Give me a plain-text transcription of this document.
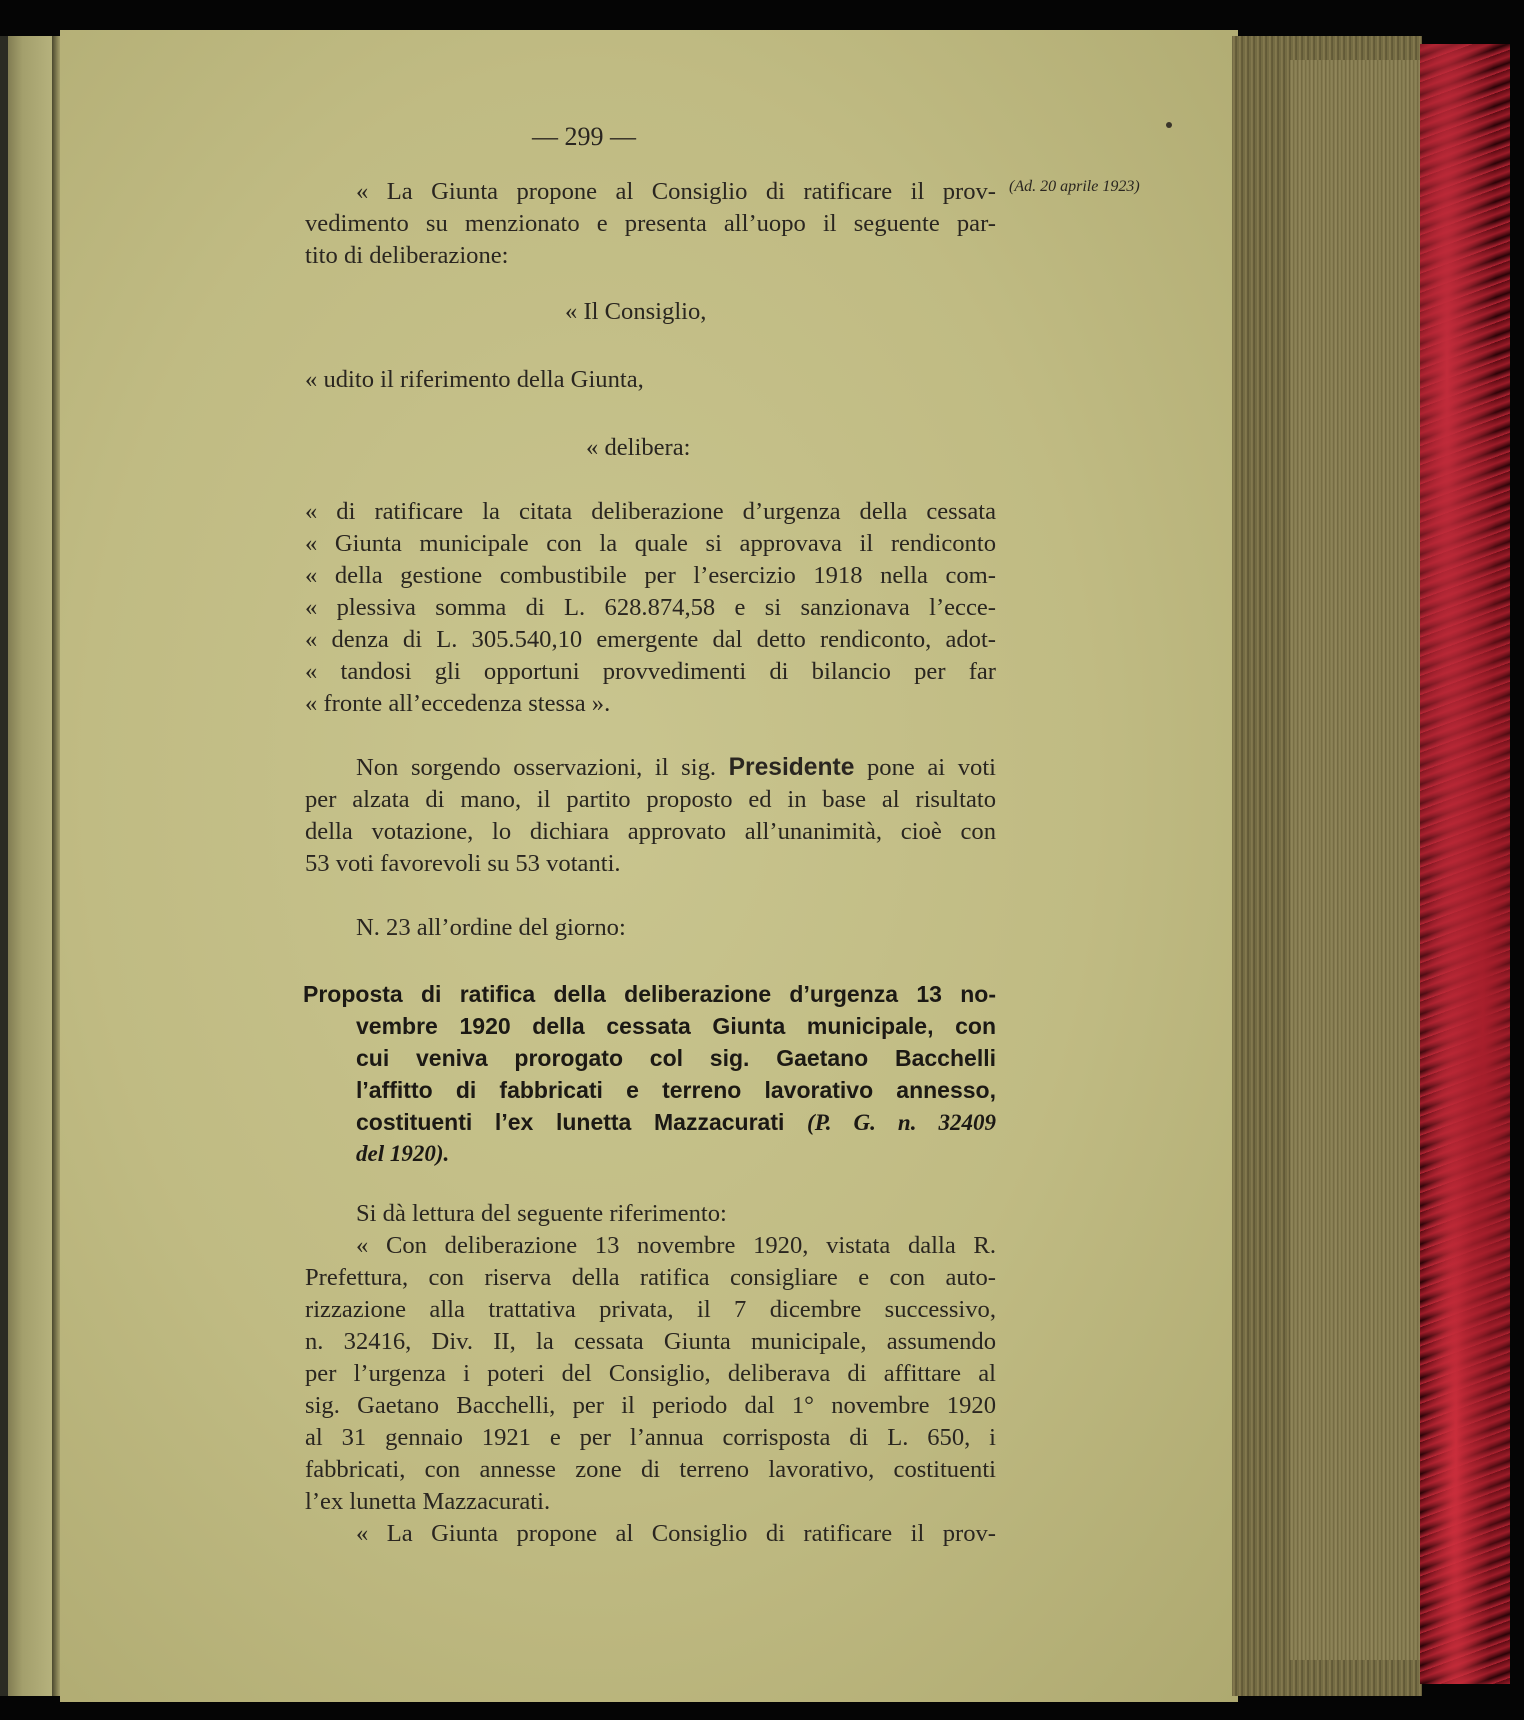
— 299 —
(Ad. 20 aprile 1923)
« La Giunta propone al Consiglio di ratificare il prov-
vedimento su menzionato e presenta all’uopo il seguente par-
tito di deliberazione:
« Il Consiglio,
« udito il riferimento della Giunta,
« delibera:
« di ratificare la citata deliberazione d’urgenza della cessata
« Giunta municipale con la quale si approvava il rendiconto
« della gestione combustibile per l’esercizio 1918 nella com-
« plessiva somma di L. 628.874,58 e si sanzionava l’ecce-
« denza di L. 305.540,10 emergente dal detto rendiconto, adot-
« tandosi gli opportuni provvedimenti di bilancio per far
« fronte all’eccedenza stessa ».
Non sorgendo osservazioni, il sig. Presidente pone ai voti
per alzata di mano, il partito proposto ed in base al risultato
della votazione, lo dichiara approvato all’unanimità, cioè con
53 voti favorevoli su 53 votanti.
N. 23 all’ordine del giorno:
Proposta di ratifica della deliberazione d’urgenza 13 no-
vembre 1920 della cessata Giunta municipale, con
cui veniva prorogato col sig. Gaetano Bacchelli
l’affitto di fabbricati e terreno lavorativo annesso,
costituenti l’ex lunetta Mazzacurati (P. G. n. 32409
del 1920).
Si dà lettura del seguente riferimento:
« Con deliberazione 13 novembre 1920, vistata dalla R.
Prefettura, con riserva della ratifica consigliare e con auto-
rizzazione alla trattativa privata, il 7 dicembre successivo,
n. 32416, Div. II, la cessata Giunta municipale, assumendo
per l’urgenza i poteri del Consiglio, deliberava di affittare al
sig. Gaetano Bacchelli, per il periodo dal 1° novembre 1920
al 31 gennaio 1921 e per l’annua corrisposta di L. 650, i
fabbricati, con annesse zone di terreno lavorativo, costituenti
l’ex lunetta Mazzacurati.
« La Giunta propone al Consiglio di ratificare il prov-
